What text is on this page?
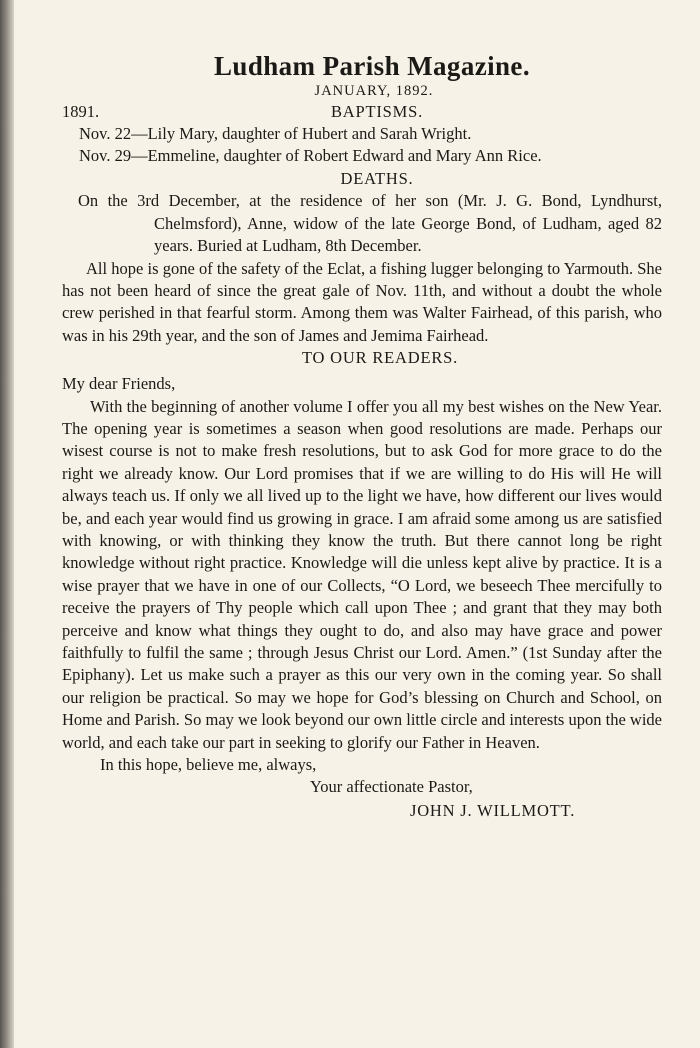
Ludham Parish Magazine.
JANUARY, 1892.
1891.	BAPTISMS.
Nov. 22—Lily Mary, daughter of Hubert and Sarah Wright.
Nov. 29—Emmeline, daughter of Robert Edward and Mary Ann Rice.
DEATHS.
On the 3rd December, at the residence of her son (Mr. J. G. Bond, Lyndhurst, Chelmsford), Anne, widow of the late George Bond, of Ludham, aged 82 years. Buried at Ludham, 8th December.

All hope is gone of the safety of the Eclat, a fishing lugger belonging to Yarmouth. She has not been heard of since the great gale of Nov. 11th, and without a doubt the whole crew perished in that fearful storm. Among them was Walter Fairhead, of this parish, who was in his 29th year, and the son of James and Jemima Fairhead.

TO OUR READERS.
My dear Friends,
With the beginning of another volume I offer you all my best wishes on the New Year. The opening year is sometimes a season when good resolutions are made. Perhaps our wisest course is not to make fresh resolutions, but to ask God for more grace to do the right we already know. Our Lord promises that if we are willing to do His will He will always teach us. If only we all lived up to the light we have, how different our lives would be, and each year would find us growing in grace. I am afraid some among us are satisfied with knowing, or with thinking they know the truth. But there cannot long be right knowledge without right practice. Knowledge will die unless kept alive by practice. It is a wise prayer that we have in one of our Collects, “O Lord, we beseech Thee mercifully to receive the prayers of Thy people which call upon Thee ; and grant that they may both perceive and know what things they ought to do, and also may have grace and power faithfully to fulfil the same ; through Jesus Christ our Lord. Amen.” (1st Sunday after the Epiphany). Let us make such a prayer as this our very own in the coming year. So shall our religion be practical. So may we hope for God’s blessing on Church and School, on Home and Parish. So may we look beyond our own little circle and interests upon the wide world, and each take our part in seeking to glorify our Father in Heaven.
In this hope, believe me, always,
Your affectionate Pastor,
JOHN J. WILLMOTT.
